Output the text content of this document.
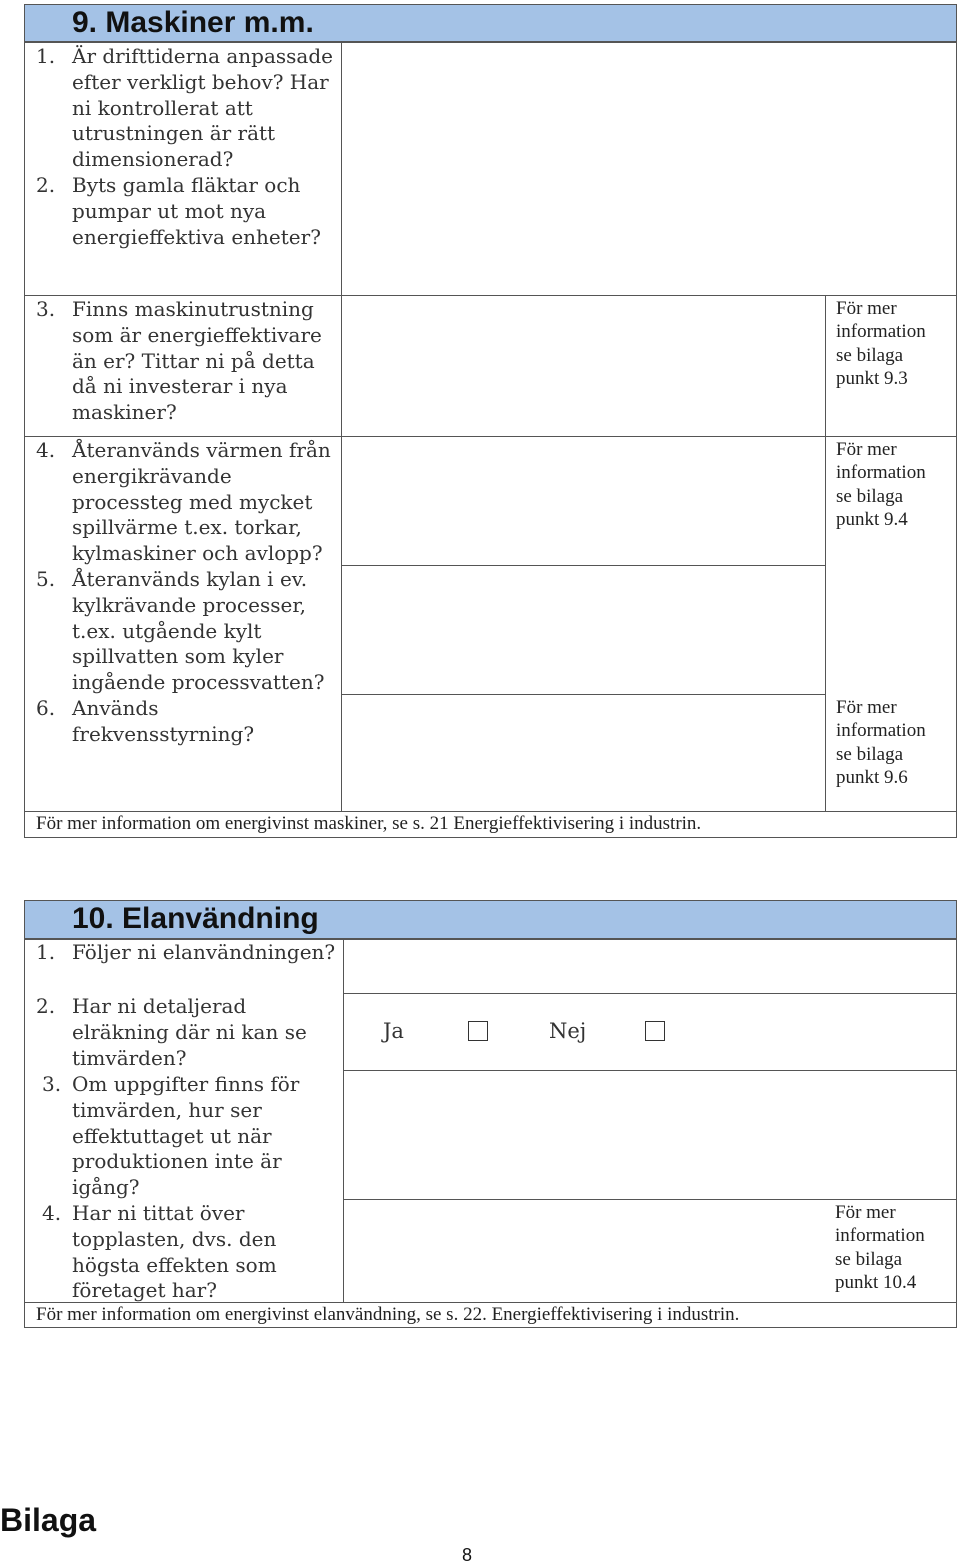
9. Maskiner m.m.
1. Är drifttiderna anpassade
efter verkligt behov? Har
ni kontrollerat att
utrustningen är rätt
dimensionerad?
2. Byts gamla fläktar och
pumpar ut mot nya
energieffektiva enheter?
3. Finns maskinutrustning
som är energieffektivare
än er? Tittar ni på detta
då ni investerar i nya
maskiner?
4. Återanvänds värmen från
energikrävande
processteg med mycket
spillvärme t.ex. torkar,
kylmaskiner och avlopp?
5. Återanvänds kylan i ev.
kylkrävande processer,
t.ex. utgående kylt
spillvatten som kyler
ingående processvatten?
6. Används
frekvensstyrning?
För mer
information
se bilaga
punkt 9.3
För mer
information
se bilaga
punkt 9.4
För mer
information
se bilaga
punkt 9.6
För mer information om energivinst maskiner, se s. 21 Energieffektivisering i industrin.
10. Elanvändning
1. Följer ni elanvändningen?
2. Har ni detaljerad
elräkning där ni kan se
timvärden?
3. Om uppgifter finns för
timvärden, hur ser
effektuttaget ut när
produktionen inte är
igång?
4. Har ni tittat över
topplasten, dvs. den
högsta effekten som
företaget har?
Ja	Nej
För mer
information
se bilaga
punkt 10.4
För mer information om energivinst elanvändning, se s. 22. Energieffektivisering i industrin.
Bilaga
8
